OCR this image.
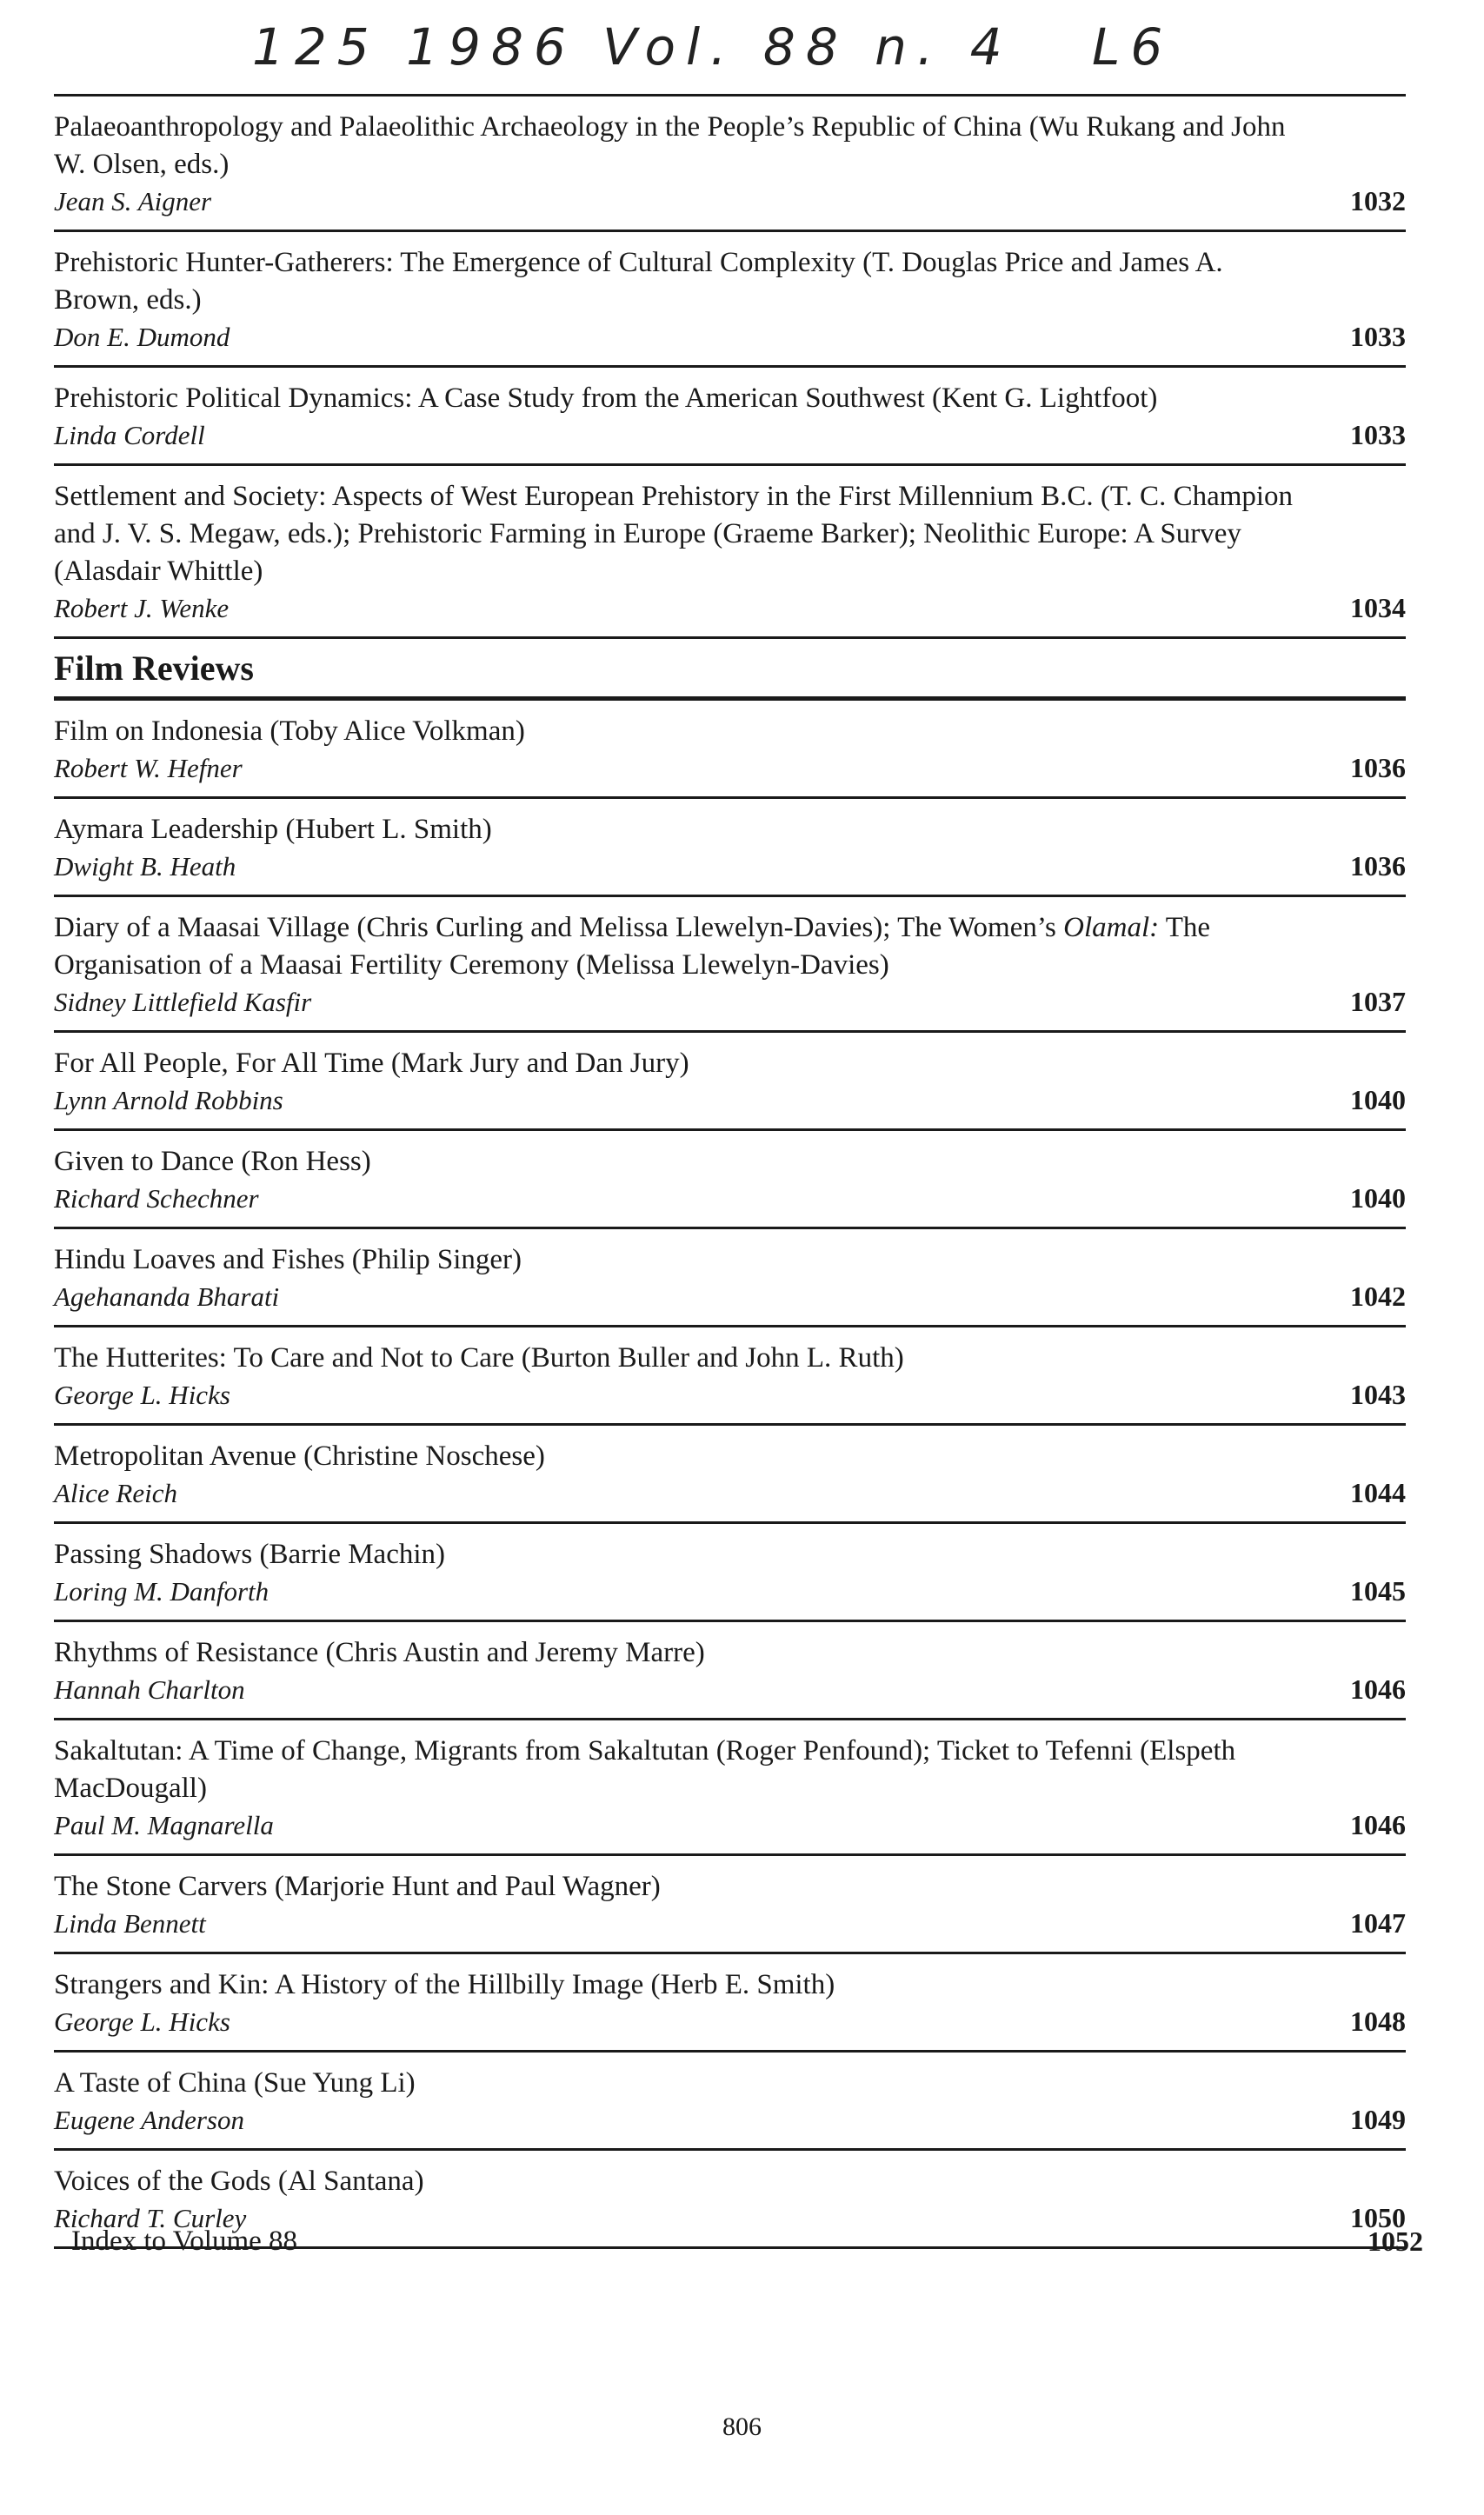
125 1986 Vol. 88 n. 4   L6
Palaeoanthropology and Palaeolithic Archaeology in the People’s Republic of China (Wu Rukang and John W. Olsen, eds.)
Jean S. Aigner	1032
Prehistoric Hunter-Gatherers: The Emergence of Cultural Complexity (T. Douglas Price and James A. Brown, eds.)
Don E. Dumond	1033
Prehistoric Political Dynamics: A Case Study from the American Southwest (Kent G. Lightfoot)
Linda Cordell	1033
Settlement and Society: Aspects of West European Prehistory in the First Millennium B.C. (T. C. Champion and J. V. S. Megaw, eds.); Prehistoric Farming in Europe (Graeme Barker); Neolithic Europe: A Survey (Alasdair Whittle)
Robert J. Wenke	1034
Film Reviews
Film on Indonesia (Toby Alice Volkman)
Robert W. Hefner	1036
Aymara Leadership (Hubert L. Smith)
Dwight B. Heath	1036
Diary of a Maasai Village (Chris Curling and Melissa Llewelyn-Davies); The Women’s Olamal: The Organisation of a Maasai Fertility Ceremony (Melissa Llewelyn-Davies)
Sidney Littlefield Kasfir	1037
For All People, For All Time (Mark Jury and Dan Jury)
Lynn Arnold Robbins	1040
Given to Dance (Ron Hess)
Richard Schechner	1040
Hindu Loaves and Fishes (Philip Singer)
Agehananda Bharati	1042
The Hutterites: To Care and Not to Care (Burton Buller and John L. Ruth)
George L. Hicks	1043
Metropolitan Avenue (Christine Noschese)
Alice Reich	1044
Passing Shadows (Barrie Machin)
Loring M. Danforth	1045
Rhythms of Resistance (Chris Austin and Jeremy Marre)
Hannah Charlton	1046
Sakaltutan: A Time of Change, Migrants from Sakaltutan (Roger Penfound); Ticket to Tefenni (Elspeth MacDougall)
Paul M. Magnarella	1046
The Stone Carvers (Marjorie Hunt and Paul Wagner)
Linda Bennett	1047
Strangers and Kin: A History of the Hillbilly Image (Herb E. Smith)
George L. Hicks	1048
A Taste of China (Sue Yung Li)
Eugene Anderson	1049
Voices of the Gods (Al Santana)
Richard T. Curley	1050
Index to Volume 88	1052
806
